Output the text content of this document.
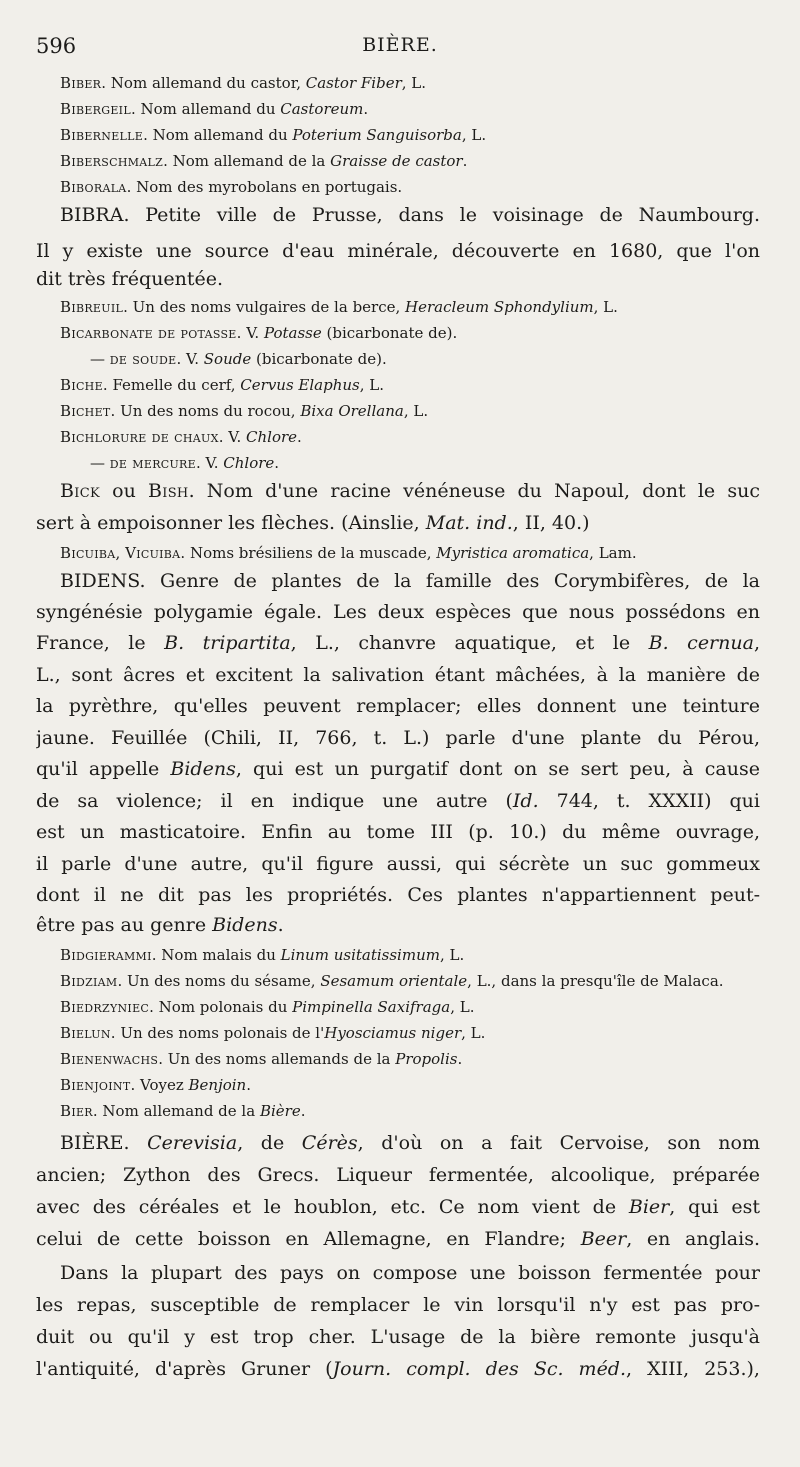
596	BIÈRE.
Biber. Nom allemand du castor, Castor Fiber, L.
Bibergeil. Nom allemand du Castoreum.
Bibernelle. Nom allemand du Poterium Sanguisorba, L.
Biberschmalz. Nom allemand de la Graisse de castor.
Biborala. Nom des myrobolans en portugais.
BIBRA. Petite ville de Prusse, dans le voisinage de Naumbourg.
Il y existe une source d'eau minérale, découverte en 1680, que l'on
dit très fréquentée.
Bibreuil. Un des noms vulgaires de la berce, Heracleum Sphondylium, L.
Bicarbonate de potasse. V. Potasse (bicarbonate de).
— de soude. V. Soude (bicarbonate de).
Biche. Femelle du cerf, Cervus Elaphus, L.
Bichet. Un des noms du rocou, Bixa Orellana, L.
Bichlorure de chaux. V. Chlore.
— de mercure. V. Chlore.
Bick ou Bish. Nom d'une racine vénéneuse du Napoul, dont le suc
sert à empoisonner les flèches. (Ainslie, Mat. ind., II, 40.)
Bicuiba, Vicuiba. Noms brésiliens de la muscade, Myristica aromatica, Lam.
BIDENS. Genre de plantes de la famille des Corymbifères, de la
syngénésie polygamie égale. Les deux espèces que nous possédons en
France, le B. tripartita, L., chanvre aquatique, et le B. cernua,
L., sont âcres et excitent la salivation étant mâchées, à la manière de
la pyrèthre, qu'elles peuvent remplacer; elles donnent une teinture
jaune. Feuillée (Chili, II, 766, t. L.) parle d'une plante du Pérou,
qu'il appelle Bidens, qui est un purgatif dont on se sert peu, à cause
de sa violence; il en indique une autre (Id. 744, t. XXXII) qui
est un masticatoire. Enfin au tome III (p. 10.) du même ouvrage,
il parle d'une autre, qu'il figure aussi, qui sécrète un suc gommeux
dont il ne dit pas les propriétés. Ces plantes n'appartiennent peut-
être pas au genre Bidens.
Bidgierammi. Nom malais du Linum usitatissimum, L.
Bidziam. Un des noms du sésame, Sesamum orientale, L., dans la presqu'île de Malaca.
Biedrzyniec. Nom polonais du Pimpinella Saxifraga, L.
Bielun. Un des noms polonais de l'Hyosciamus niger, L.
Bienenwachs. Un des noms allemands de la Propolis.
Bienjoint. Voyez Benjoin.
Bier. Nom allemand de la Bière.
BIÈRE. Cerevisia, de Cérès, d'où on a fait Cervoise, son nom
ancien; Zython des Grecs. Liqueur fermentée, alcoolique, préparée
avec des céréales et le houblon, etc. Ce nom vient de Bier, qui est
celui de cette boisson en Allemagne, en Flandre; Beer, en anglais.
Dans la plupart des pays on compose une boisson fermentée pour
les repas, susceptible de remplacer le vin lorsqu'il n'y est pas pro-
duit ou qu'il y est trop cher. L'usage de la bière remonte jusqu'à
l'antiquité, d'après Gruner (Journ. compl. des Sc. méd., XIII, 253.),
